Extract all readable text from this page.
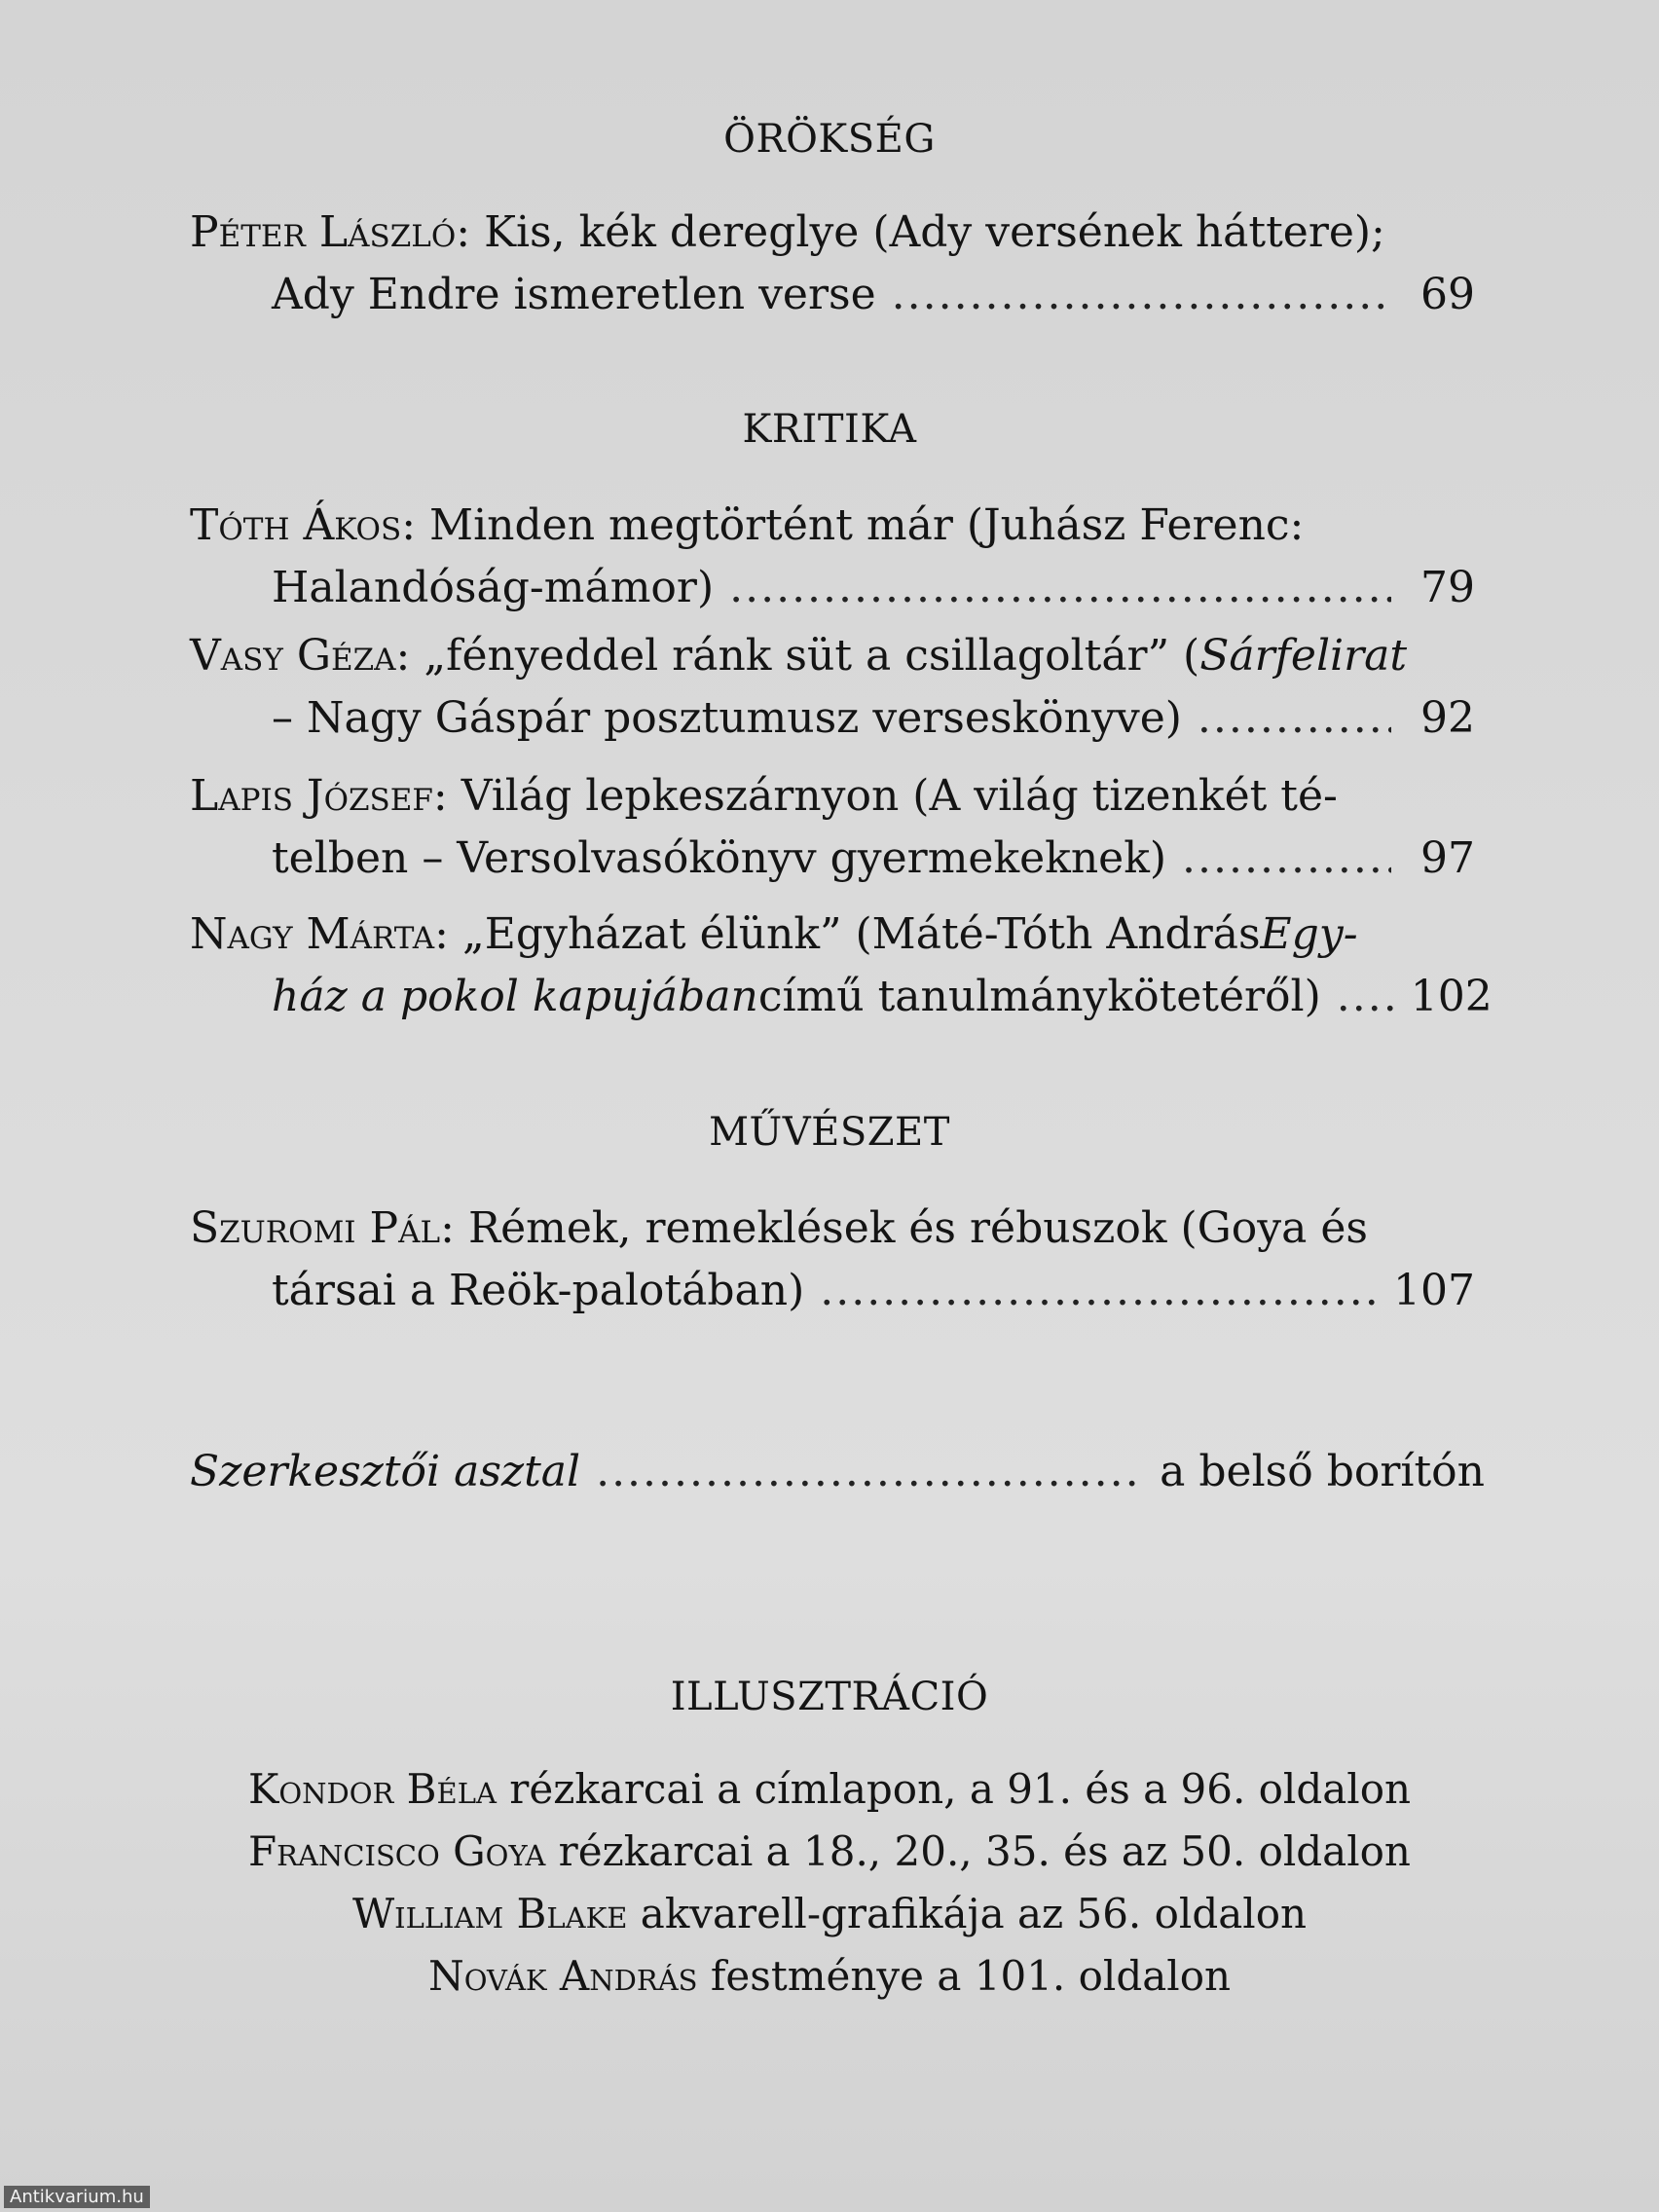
ÖRÖKSÉG
Péter László:
Kis, kék dereglye (Ady versének háttere);
Ady Endre ismeretlen verse .....	69
KRITIKA
Tóth Ákos:
Minden megtörtént már (Juhász Ferenc:
Halandóság-mámor) .....	79
Vasy Géza:
„fényeddel ránk süt a csillagoltár” ( Sárfelirat
– Nagy Gáspár posztumusz verseskönyve) .....	92
Lapis József:
Világ lepkeszárnyon (A világ tizenkét té-
telben – Versolvasókönyv gyermekeknek) .....	97
Nagy Márta:
„Egyházat élünk” (Máté-Tóth András Egy-
ház a pokol kapujában című tanulmánykötetéről) ..... 102
MŰVÉSZET
Szuromi Pál:
Rémek, remeklések és rébuszok (Goya és
társai a Reök-palotában) .....	107
Szerkesztői asztal .....	a belső borítón
ILLUSZTRÁCIÓ
Kondor Béla rézkarcai a címlapon, a 91. és a 96. oldalon
Francisco Goya rézkarcai a 18., 20., 35. és az 50. oldalon
William Blake akvarell-grafikája az 56. oldalon
Novák András festménye a 101. oldalon
Antikvarium.hu
